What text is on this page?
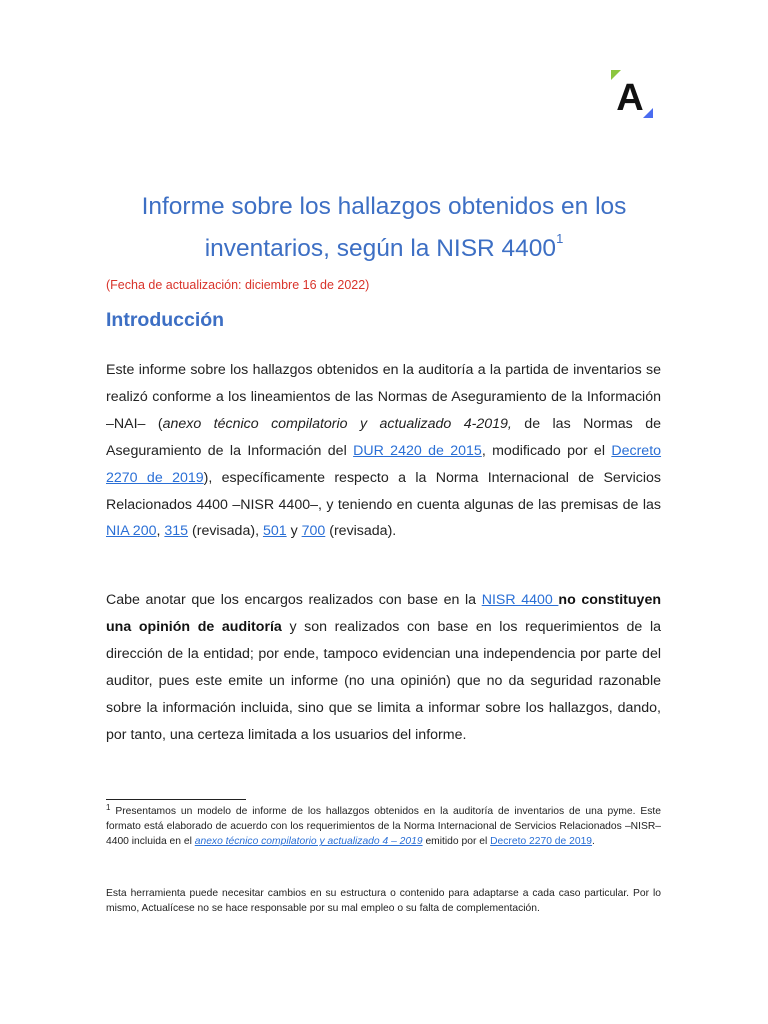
A
Informe sobre los hallazgos obtenidos en los
inventarios, según la NISR 4400$^1$
(Fecha de actualización: diciembre 16 de 2022)
Introducción

Este informe sobre los hallazgos obtenidos en la auditoría a la partida de inventarios se realizó conforme a los lineamientos de las Normas de Aseguramiento de la Información –NAI– (anexo técnico compilatorio y actualizado 4-2019, de las Normas de Aseguramiento de la Información del DUR 2420 de 2015, modificado por el Decreto 2270 de 2019), específicamente respecto a la Norma Internacional de Servicios Relacionados 4400 –NISR 4400–, y teniendo en cuenta algunas de las premisas de las NIA 200, 315 (revisada), 501 y 700 (revisada).

Cabe anotar que los encargos realizados con base en la NISR 4400 no constituyen una opinión de auditoría y son realizados con base en los requerimientos de la dirección de la entidad; por ende, tampoco evidencian una independencia por parte del auditor, pues este emite un informe (no una opinión) que no da seguridad razonable sobre la información incluida, sino que se limita a informar sobre los hallazgos, dando, por tanto, una certeza limitada a los usuarios del informe.

$^1$ Presentamos un modelo de informe de los hallazgos obtenidos en la auditoría de inventarios de una pyme. Este formato está elaborado de acuerdo con los requerimientos de la Norma Internacional de Servicios Relacionados –NISR– 4400 incluida en el anexo técnico compilatorio y actualizado 4 – 2019 emitido por el Decreto 2270 de 2019.

Esta herramienta puede necesitar cambios en su estructura o contenido para adaptarse a cada caso particular. Por lo mismo, Actualícese no se hace responsable por su mal empleo o su falta de complementación.
